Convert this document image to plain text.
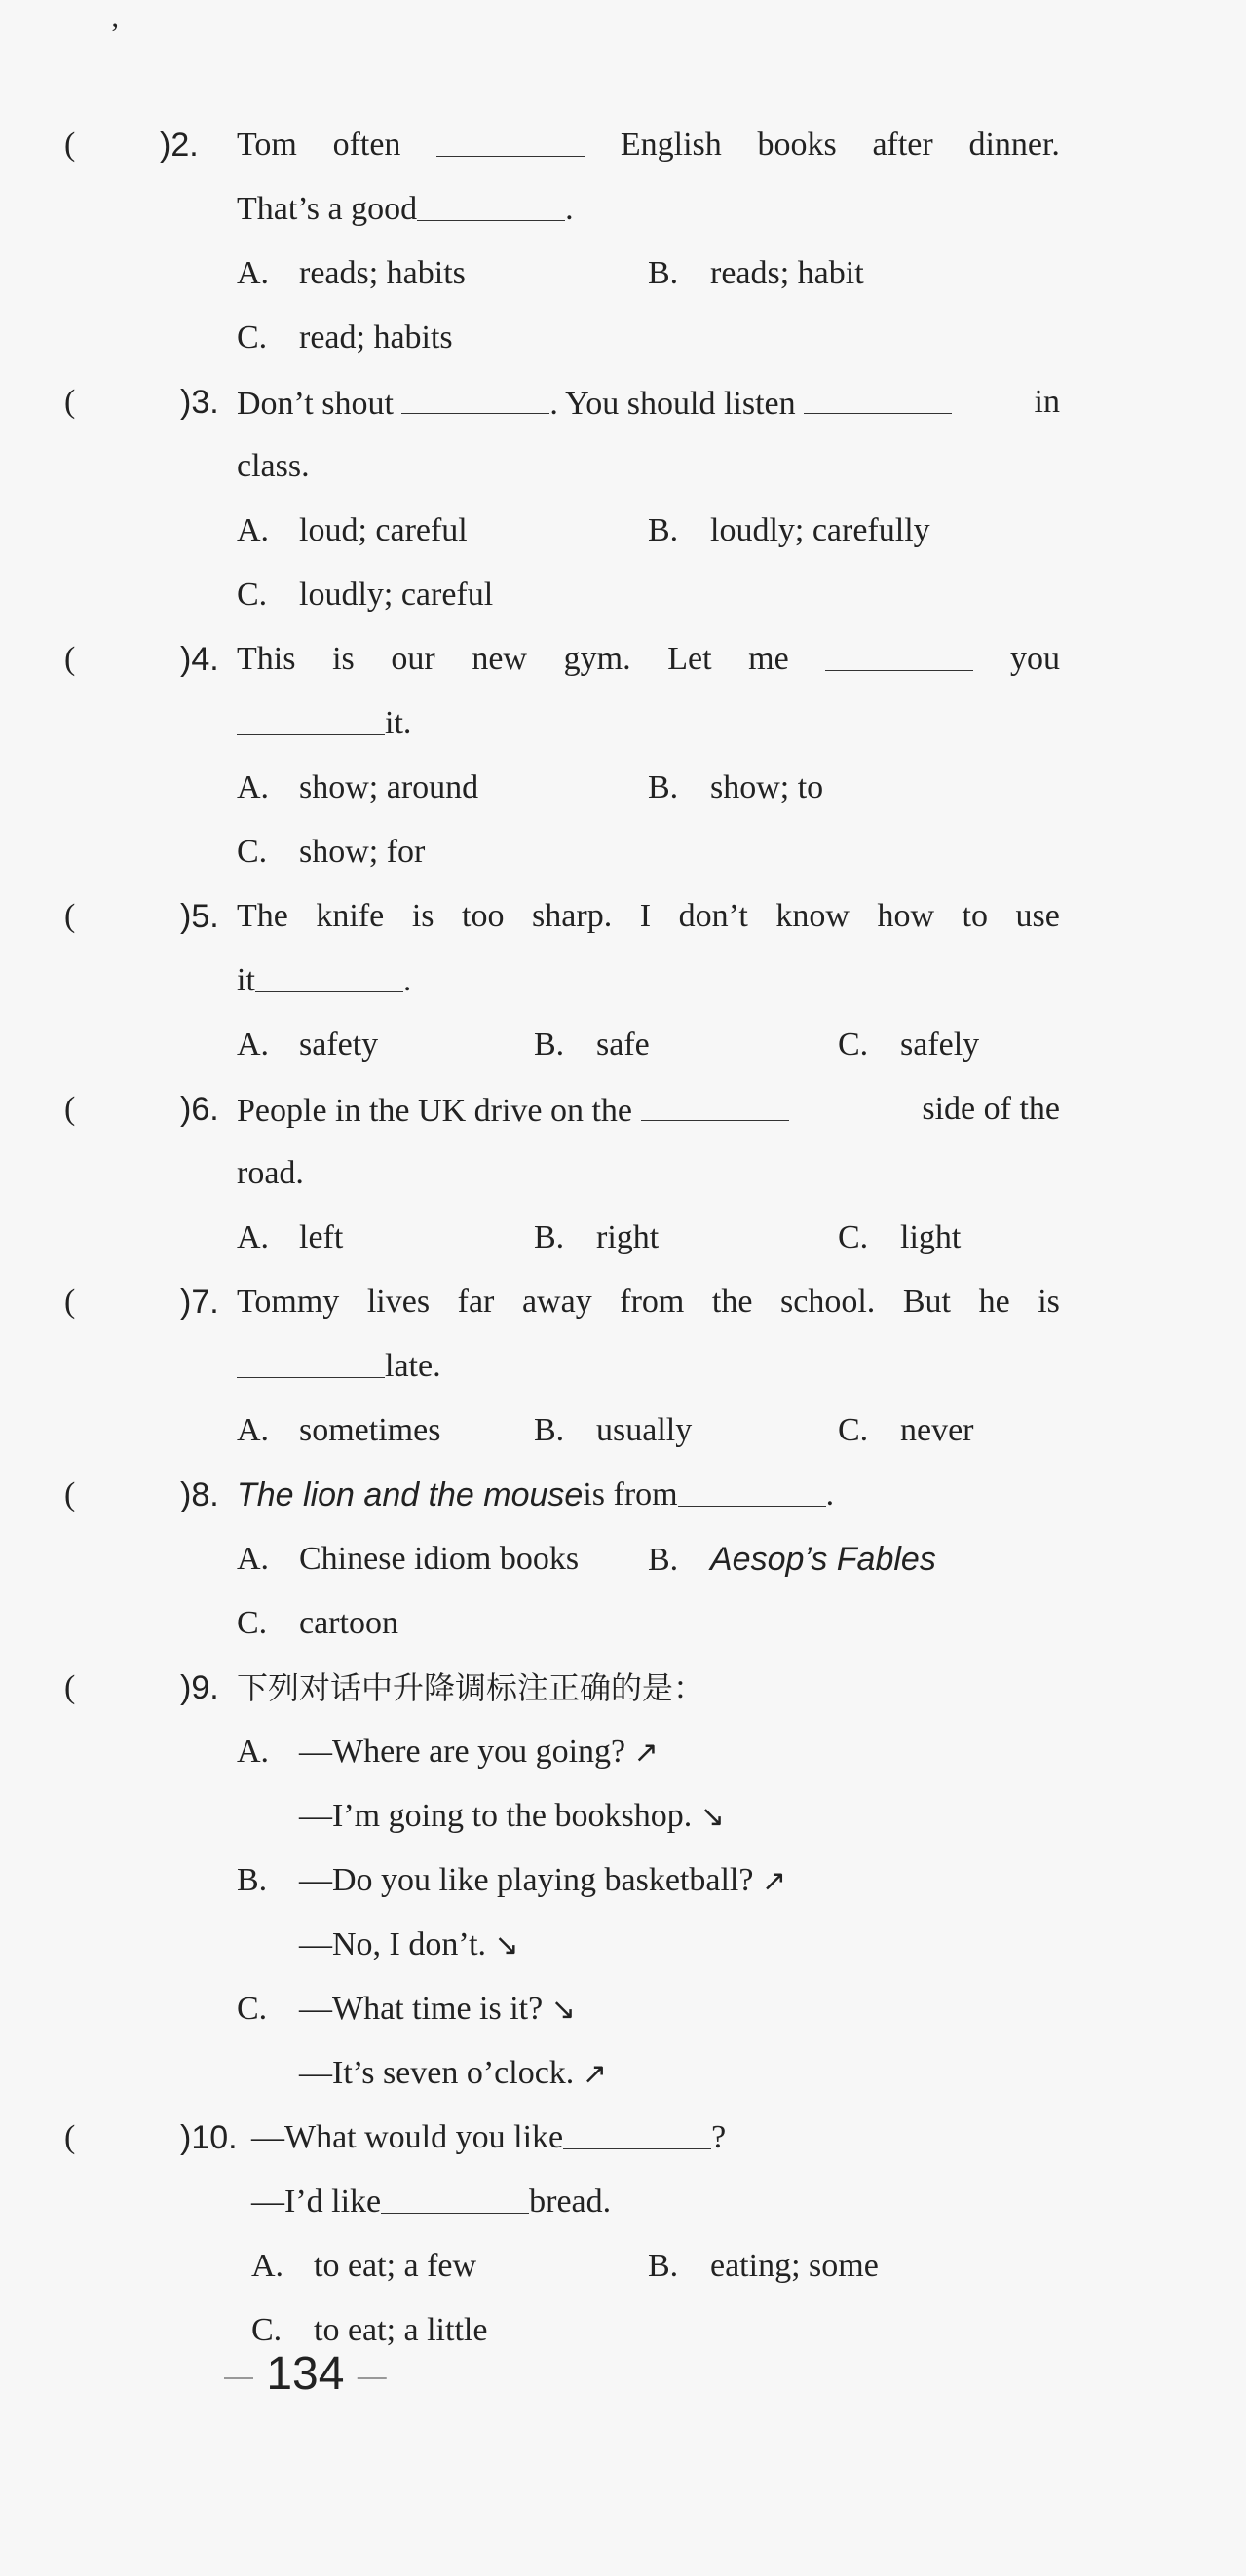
’
(	)2. Tom often	English books after dinner.
That’s a good	.
A. reads; habits	B. reads; habit
C. read; habits
(	)3. Don’t shout	. You should listen	in
class.
A. loud; careful	B. loudly; carefully
C. loudly; careful
(	)4. This is our new gym. Let me	you
it.
A. show; around	B. show; to
C. show; for
(	)5. The knife is too sharp. I don’t know how to use
it	.
A. safety	B. safe	C. safely
(	)6. People in the UK drive on the	side of the
road.
A. left	B. right	C. light
(	)7. Tommy lives far away from the school. But he is
late.
A. sometimes	B. usually	C. never
(	)8. The lion and the mouse is from	.
A. Chinese idiom books B. Aesop’s Fables
C. cartoon
(	)9. 下列对话中升降调标注正确的是：
A. —Where are you going? ↗
—I’m going to the bookshop. ↘
B. —Do you like playing basketball? ↗
—No, I don’t. ↘
C. —What time is it? ↘
—It’s seven o’clock. ↗
(	)10. —What would you like	?
—I’d like	bread.
A. to eat; a few	B. eating; some
C. to eat; a little
— 134 —
